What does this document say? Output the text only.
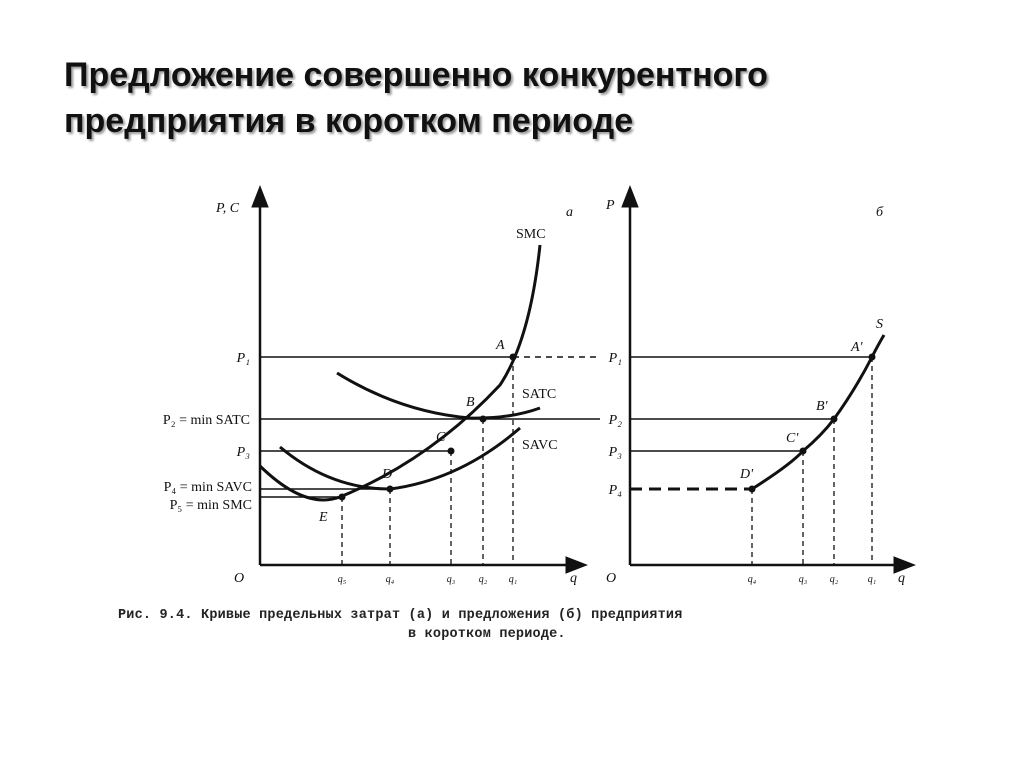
Предложение совершенно конкурентного
предприятия в коротком периоде
P, C	а
SMC
SATC
SAVC
O	q
P₁
P₂ = min SATC
P₃
P₄ = min SAVC
P₅ = min SMC
q₅	q₄	q₃ q₂ q₁
A
B
C
D
E
P	б
S
O	q
P₁
P₂
P₃
P₄
q₄	q₃ q₂	q₁
A'
B'
C'
D'
Рис. 9.4. Кривые предельных затрат (а) и предложения (б) предприятия
в коротком периоде.
